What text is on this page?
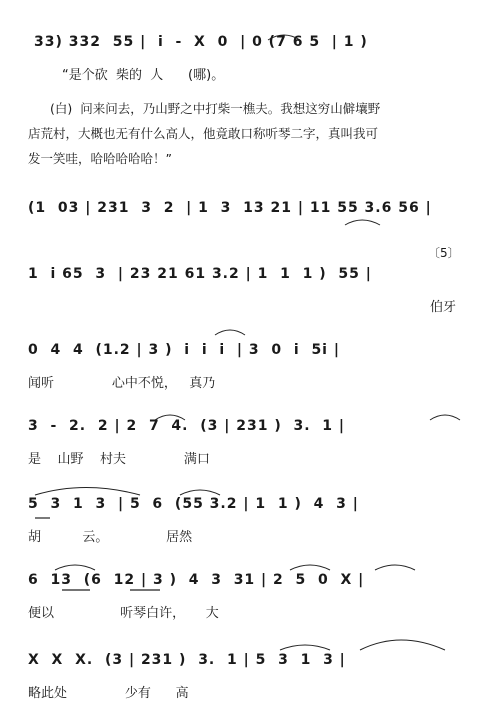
33) 332  55 |  i  -  X  0  | 0 (7 6 5  | 1 )
“是个砍  柴的  人      (哪)。
(白)  问来问去，乃山野之中打柴一樵夫。我想这穷山僻壤野
店荒村，大概也无有什么高人，他竟敢口称听琴二字，真叫我可
发一笑哇，哈哈哈哈哈！”
(1  03 | 231  3  2  | 1  3  13 21 | 11 55 3.6 56 |
〔5〕
1  i 65  3  | 23 21 61 3.2 | 1  1  1 )  55 |
伯牙
0  4  4  (1.2 | 3 )  i  i  i  | 3  0  i  5i |
闻听              心中不悦，   真乃
3  -  2.  2 | 2  7  4.  (3 | 231 )  3.  1 |
是    山野    村夫              满口
5  3  1  3  | 5  6  (55 3.2 | 1  1 )  4  3 |
胡          云。              居然
6  13  (6  12 | 3 )  4  3  31 | 2  5  0  X |
便以                听琴白许，     大
X  X  X.  (3 | 231 )  3.  1 | 5  3  1  3 |
略此处              少有      高
